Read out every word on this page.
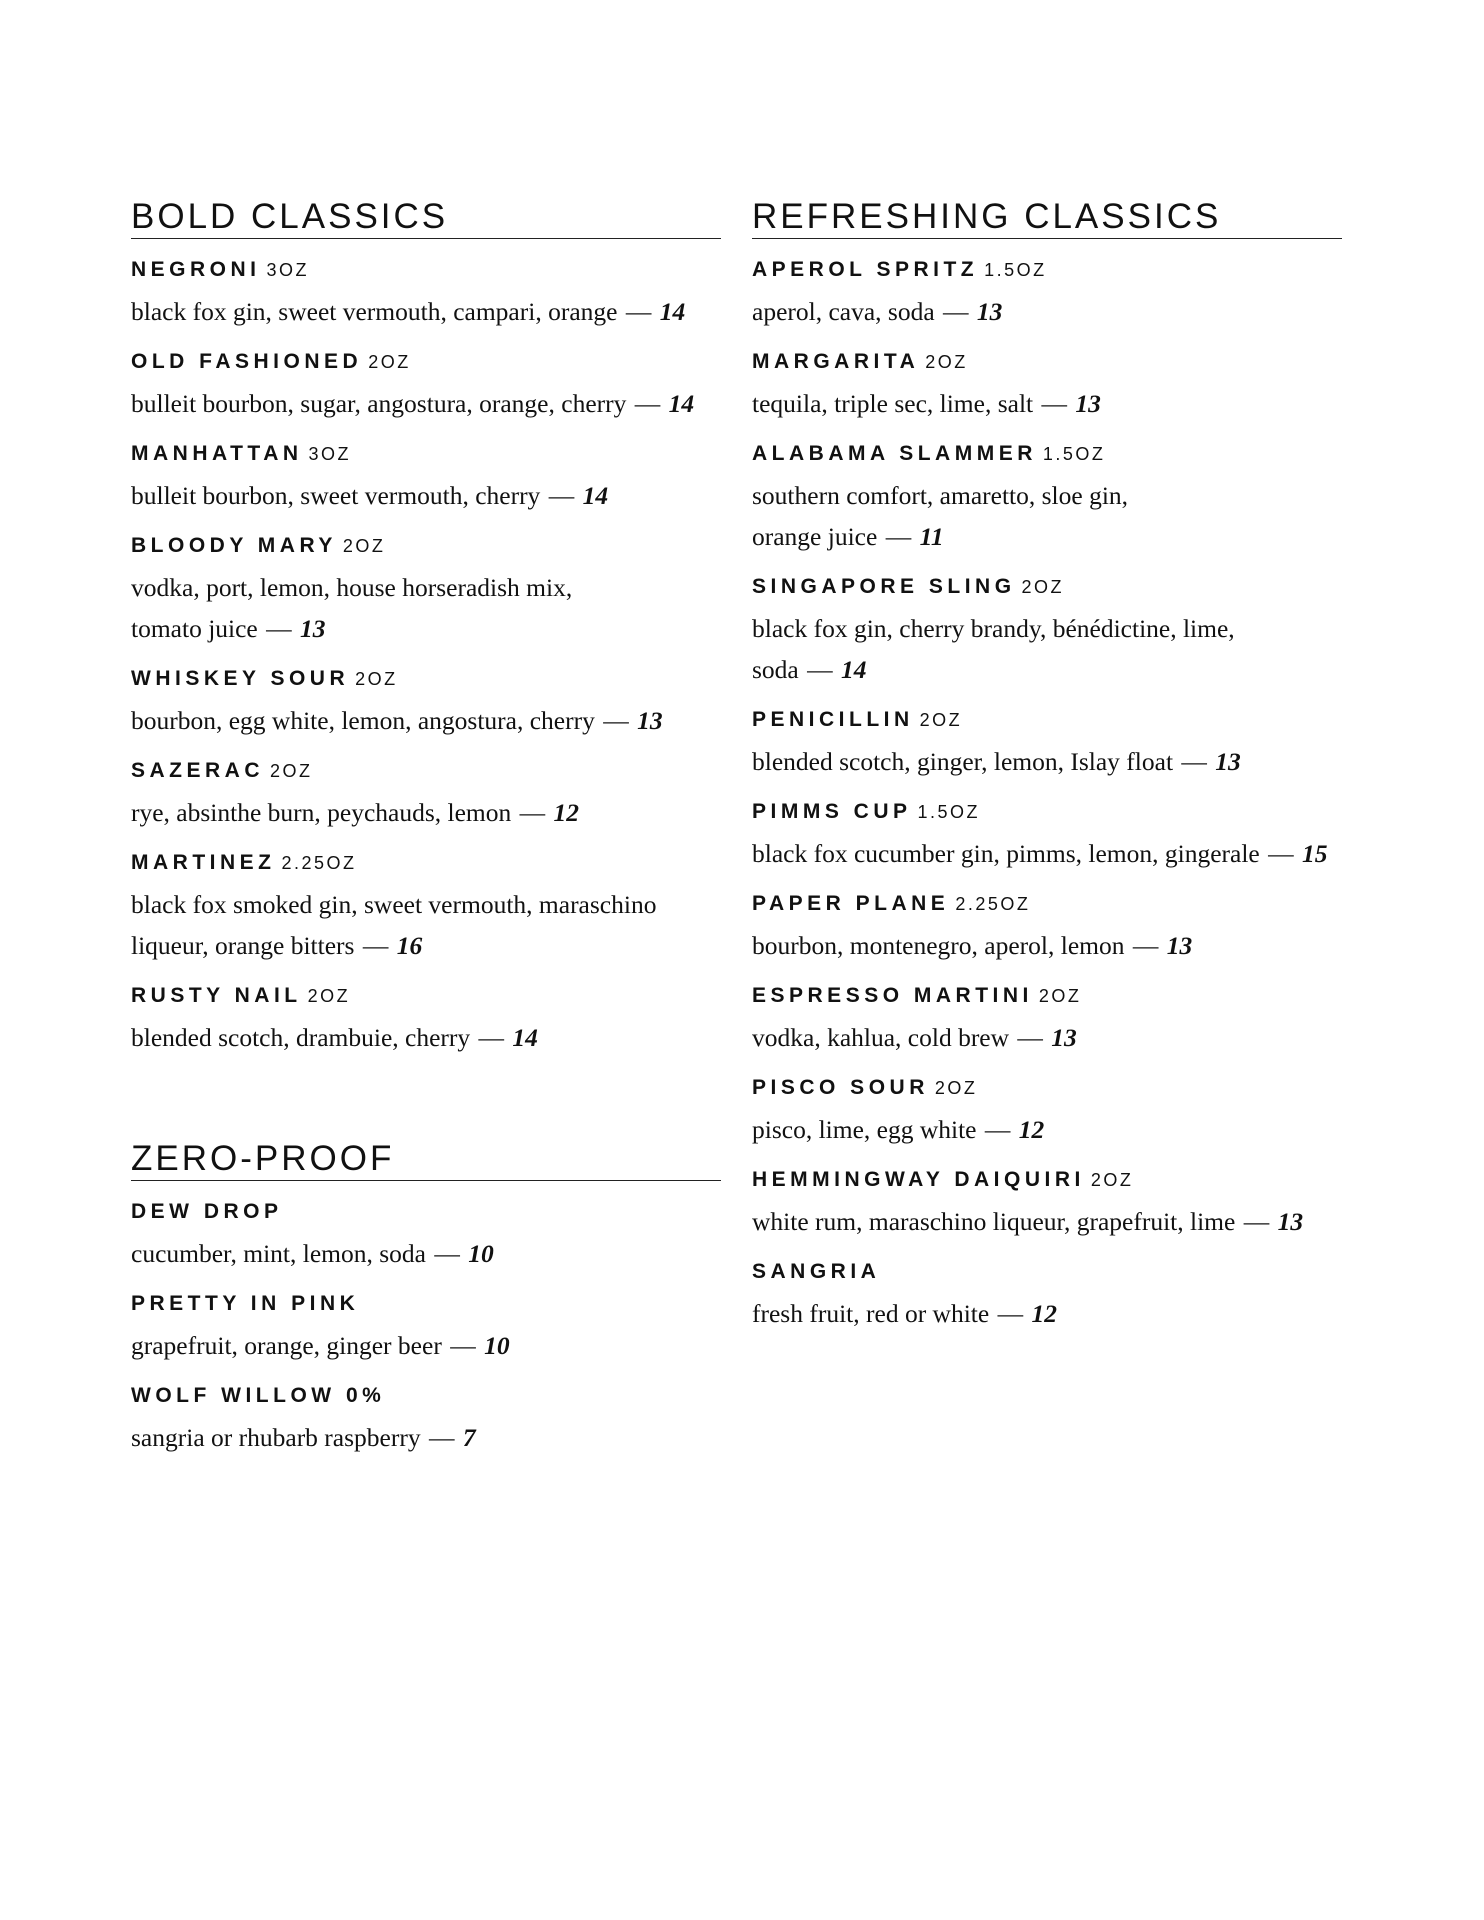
BOLD CLASSICS
NEGRONI 3OZ
black fox gin, sweet vermouth, campari, orange — 14
OLD FASHIONED 2OZ
bulleit bourbon, sugar, angostura, orange, cherry — 14
MANHATTAN 3OZ
bulleit bourbon, sweet vermouth, cherry — 14
BLOODY MARY 2OZ
vodka, port, lemon, house horseradish mix,
tomato juice — 13
WHISKEY SOUR 2OZ
bourbon, egg white, lemon, angostura, cherry — 13
SAZERAC 2OZ
rye, absinthe burn, peychauds, lemon — 12
MARTINEZ 2.25OZ
black fox smoked gin, sweet vermouth, maraschino
liqueur, orange bitters — 16
RUSTY NAIL 2OZ
blended scotch, drambuie, cherry — 14
ZERO-PROOF
DEW DROP
cucumber, mint, lemon, soda — 10
PRETTY IN PINK
grapefruit, orange, ginger beer — 10
WOLF WILLOW 0%
sangria or rhubarb raspberry — 7
REFRESHING CLASSICS
APEROL SPRITZ 1.5OZ
aperol, cava, soda — 13
MARGARITA 2OZ
tequila, triple sec, lime, salt — 13
ALABAMA SLAMMER 1.5OZ
southern comfort, amaretto, sloe gin,
orange juice — 11
SINGAPORE SLING 2OZ
black fox gin, cherry brandy, bénédictine, lime,
soda — 14
PENICILLIN 2OZ
blended scotch, ginger, lemon, Islay float — 13
PIMMS CUP 1.5OZ
black fox cucumber gin, pimms, lemon, gingerale — 15
PAPER PLANE 2.25OZ
bourbon, montenegro, aperol, lemon — 13
ESPRESSO MARTINI 2OZ
vodka, kahlua, cold brew — 13
PISCO SOUR 2OZ
pisco, lime, egg white — 12
HEMMINGWAY DAIQUIRI 2OZ
white rum, maraschino liqueur, grapefruit, lime — 13
SANGRIA
fresh fruit, red or white — 12
